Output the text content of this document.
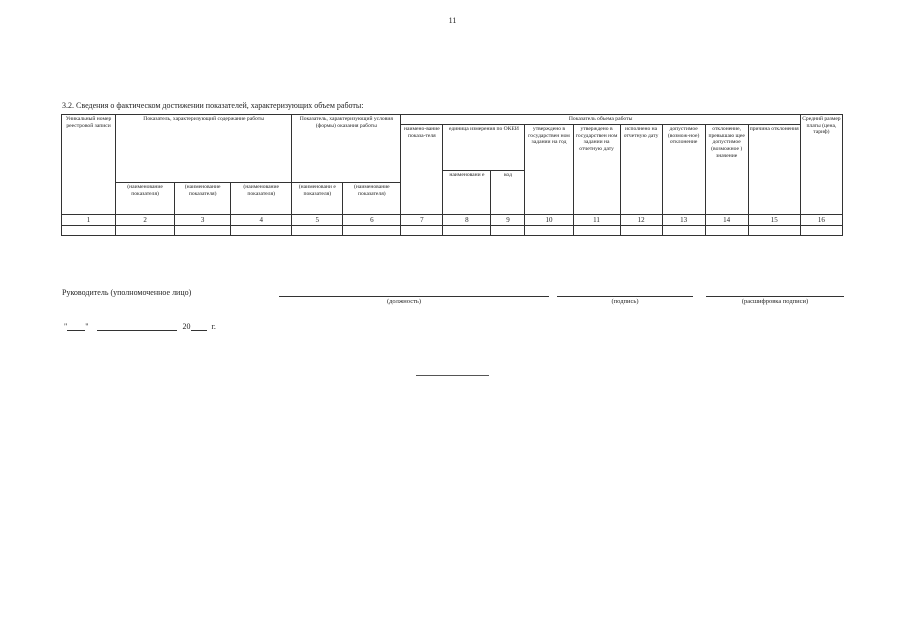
11
3.2. Сведения о фактическом достижении показателей, характеризующих объем работы:
Уникальный номер реестровой записи	Показатель, характеризующий содержание работы			Показатель, характеризующий условия (формы) оказания работы		Показатель объема работы									Средний размер платы (цена, тариф)
						наимено-вание показа-теля	единица измерения по ОКЕИ		утверждено в государствен ном задании на год	утверждено в государствен ном задании на отчетную дату	исполнено на отчетную дату	допустимое (возмож-ное) отклонение	отклонение, превышаю щее допустимое (возможное ) значение	причина отклонения	
							наименовани е	код							
	(наименование показателя)	(наименование показателя)	(наименование показателя)	(наименовани е показателя)	(наименование показателя)										
1	2	3	4	5	6	7	8	9	10	11	12	13	14	15	16

Руководитель (уполномоченное лицо)
(должность)	(подпись)	(расшифровка подписи)
" "	20	г.
